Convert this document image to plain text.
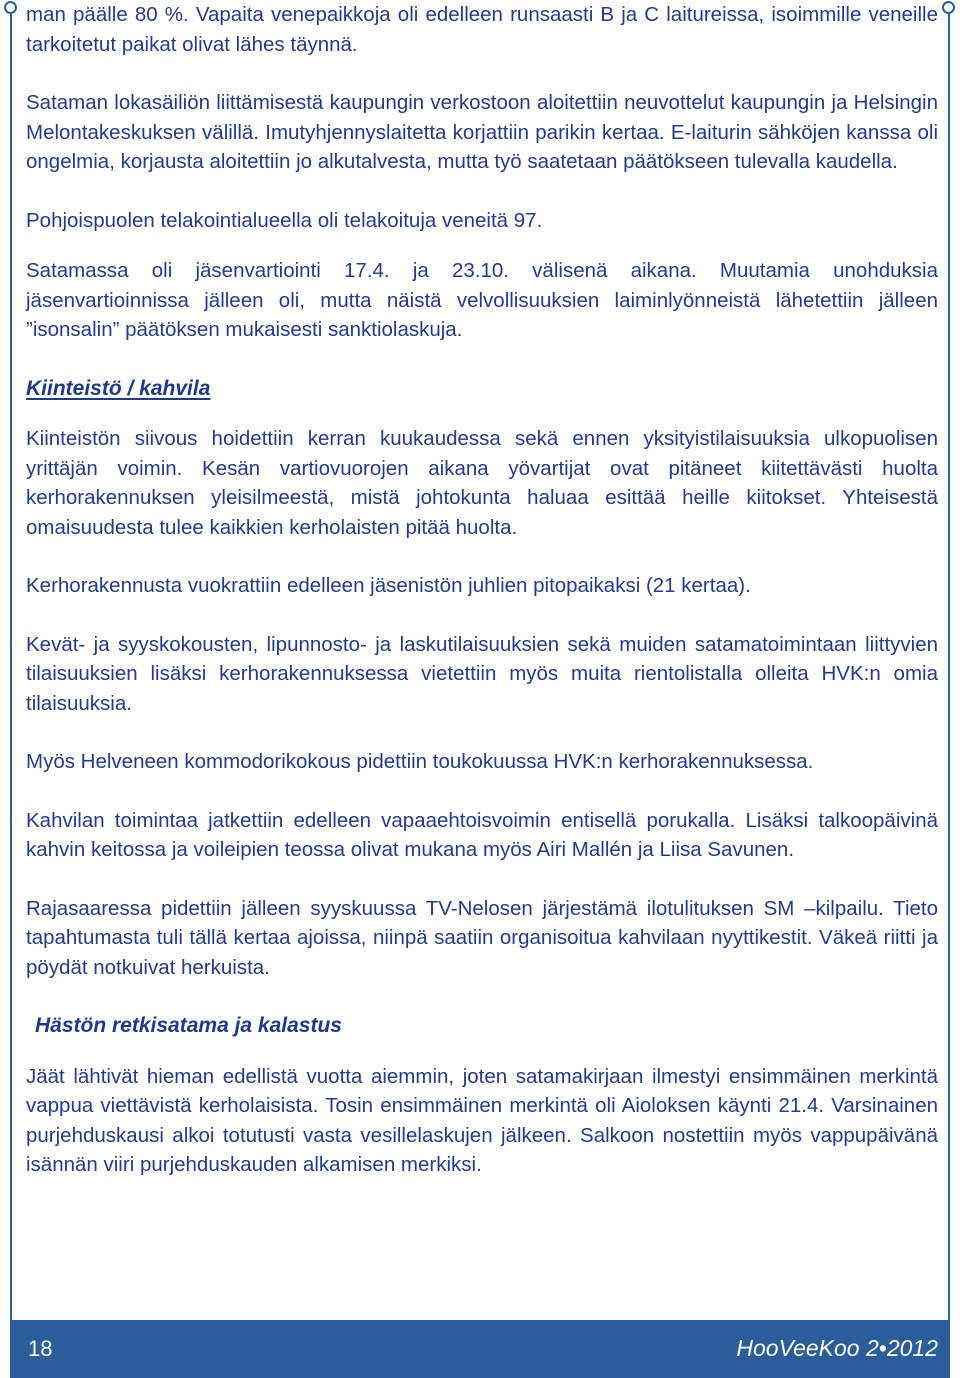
man päälle 80 %. Vapaita venepaikkoja oli edelleen runsaasti B ja C laitureissa, isoimmille veneille tarkoitetut paikat olivat lähes täynnä.

Sataman lokasäiliön liittämisestä kaupungin verkostoon aloitettiin neuvottelut kaupungin ja Helsingin Melontakeskuksen välillä. Imutyhjennyslaitetta korjattiin parikin kertaa. E-laiturin sähköjen kanssa oli ongelmia, korjausta aloitettiin jo alkutalvesta, mutta työ saatetaan päätökseen tulevalla kaudella.

Pohjoispuolen telakointialueella oli telakoituja veneitä 97.

Satamassa oli jäsenvartiointi 17.4. ja 23.10. välisenä aikana. Muutamia unohduksia jäsenvartioinnissa jälleen oli, mutta näistä velvollisuuksien laiminlyönneistä lähetettiin jälleen ”isonsalin” päätöksen mukaisesti sanktiolaskuja.

Kiinteistö / kahvila

Kiinteistön siivous hoidettiin kerran kuukaudessa sekä ennen yksityistilaisuuksia ulkopuolisen yrittäjän voimin. Kesän vartiovuorojen aikana yövartijat ovat pitäneet kiitettävästi huolta kerhorakennuksen yleisilmeestä, mistä johtokunta haluaa esittää heille kiitokset. Yhteisestä omaisuudesta tulee kaikkien kerholaisten pitää huolta.

Kerhorakennusta vuokrattiin edelleen jäsenistön juhlien pitopaikaksi (21 kertaa).

Kevät- ja syyskokousten, lipunnosto- ja laskutilaisuuksien sekä muiden satamatoimintaan liittyvien tilaisuuksien lisäksi kerhorakennuksessa vietettiin myös muita rientolistalla olleita HVK:n omia tilaisuuksia.

Myös Helveneen kommodorikokous pidettiin toukokuussa HVK:n kerhorakennuksessa.

Kahvilan toimintaa jatkettiin edelleen vapaaehtoisvoimin entisellä porukalla. Lisäksi talkoopäivinä kahvin keitossa ja voileipien teossa olivat mukana myös Airi Mallén ja Liisa Savunen.

Rajasaaressa pidettiin jälleen syyskuussa TV-Nelosen järjestämä ilotulituksen SM –kilpailu. Tieto tapahtumasta tuli tällä kertaa ajoissa, niinpä saatiin organisoitua kahvilaan nyyttikestit. Väkeä riitti ja pöydät notkuivat herkuista.

Hästön retkisatama ja kalastus

Jäät lähtivät hieman edellistä vuotta aiemmin, joten satamakirjaan ilmestyi ensimmäinen merkintä vappua viettävistä kerholaisista. Tosin ensimmäinen merkintä oli Aioloksen käynti 21.4. Varsinainen purjehduskausi alkoi totutusti vasta vesillelaskujen jälkeen. Salkoon nostettiin myös vappupäivänä isännän viiri purjehduskauden alkamisen merkiksi.

18	HooVeeKoo 2•2012
